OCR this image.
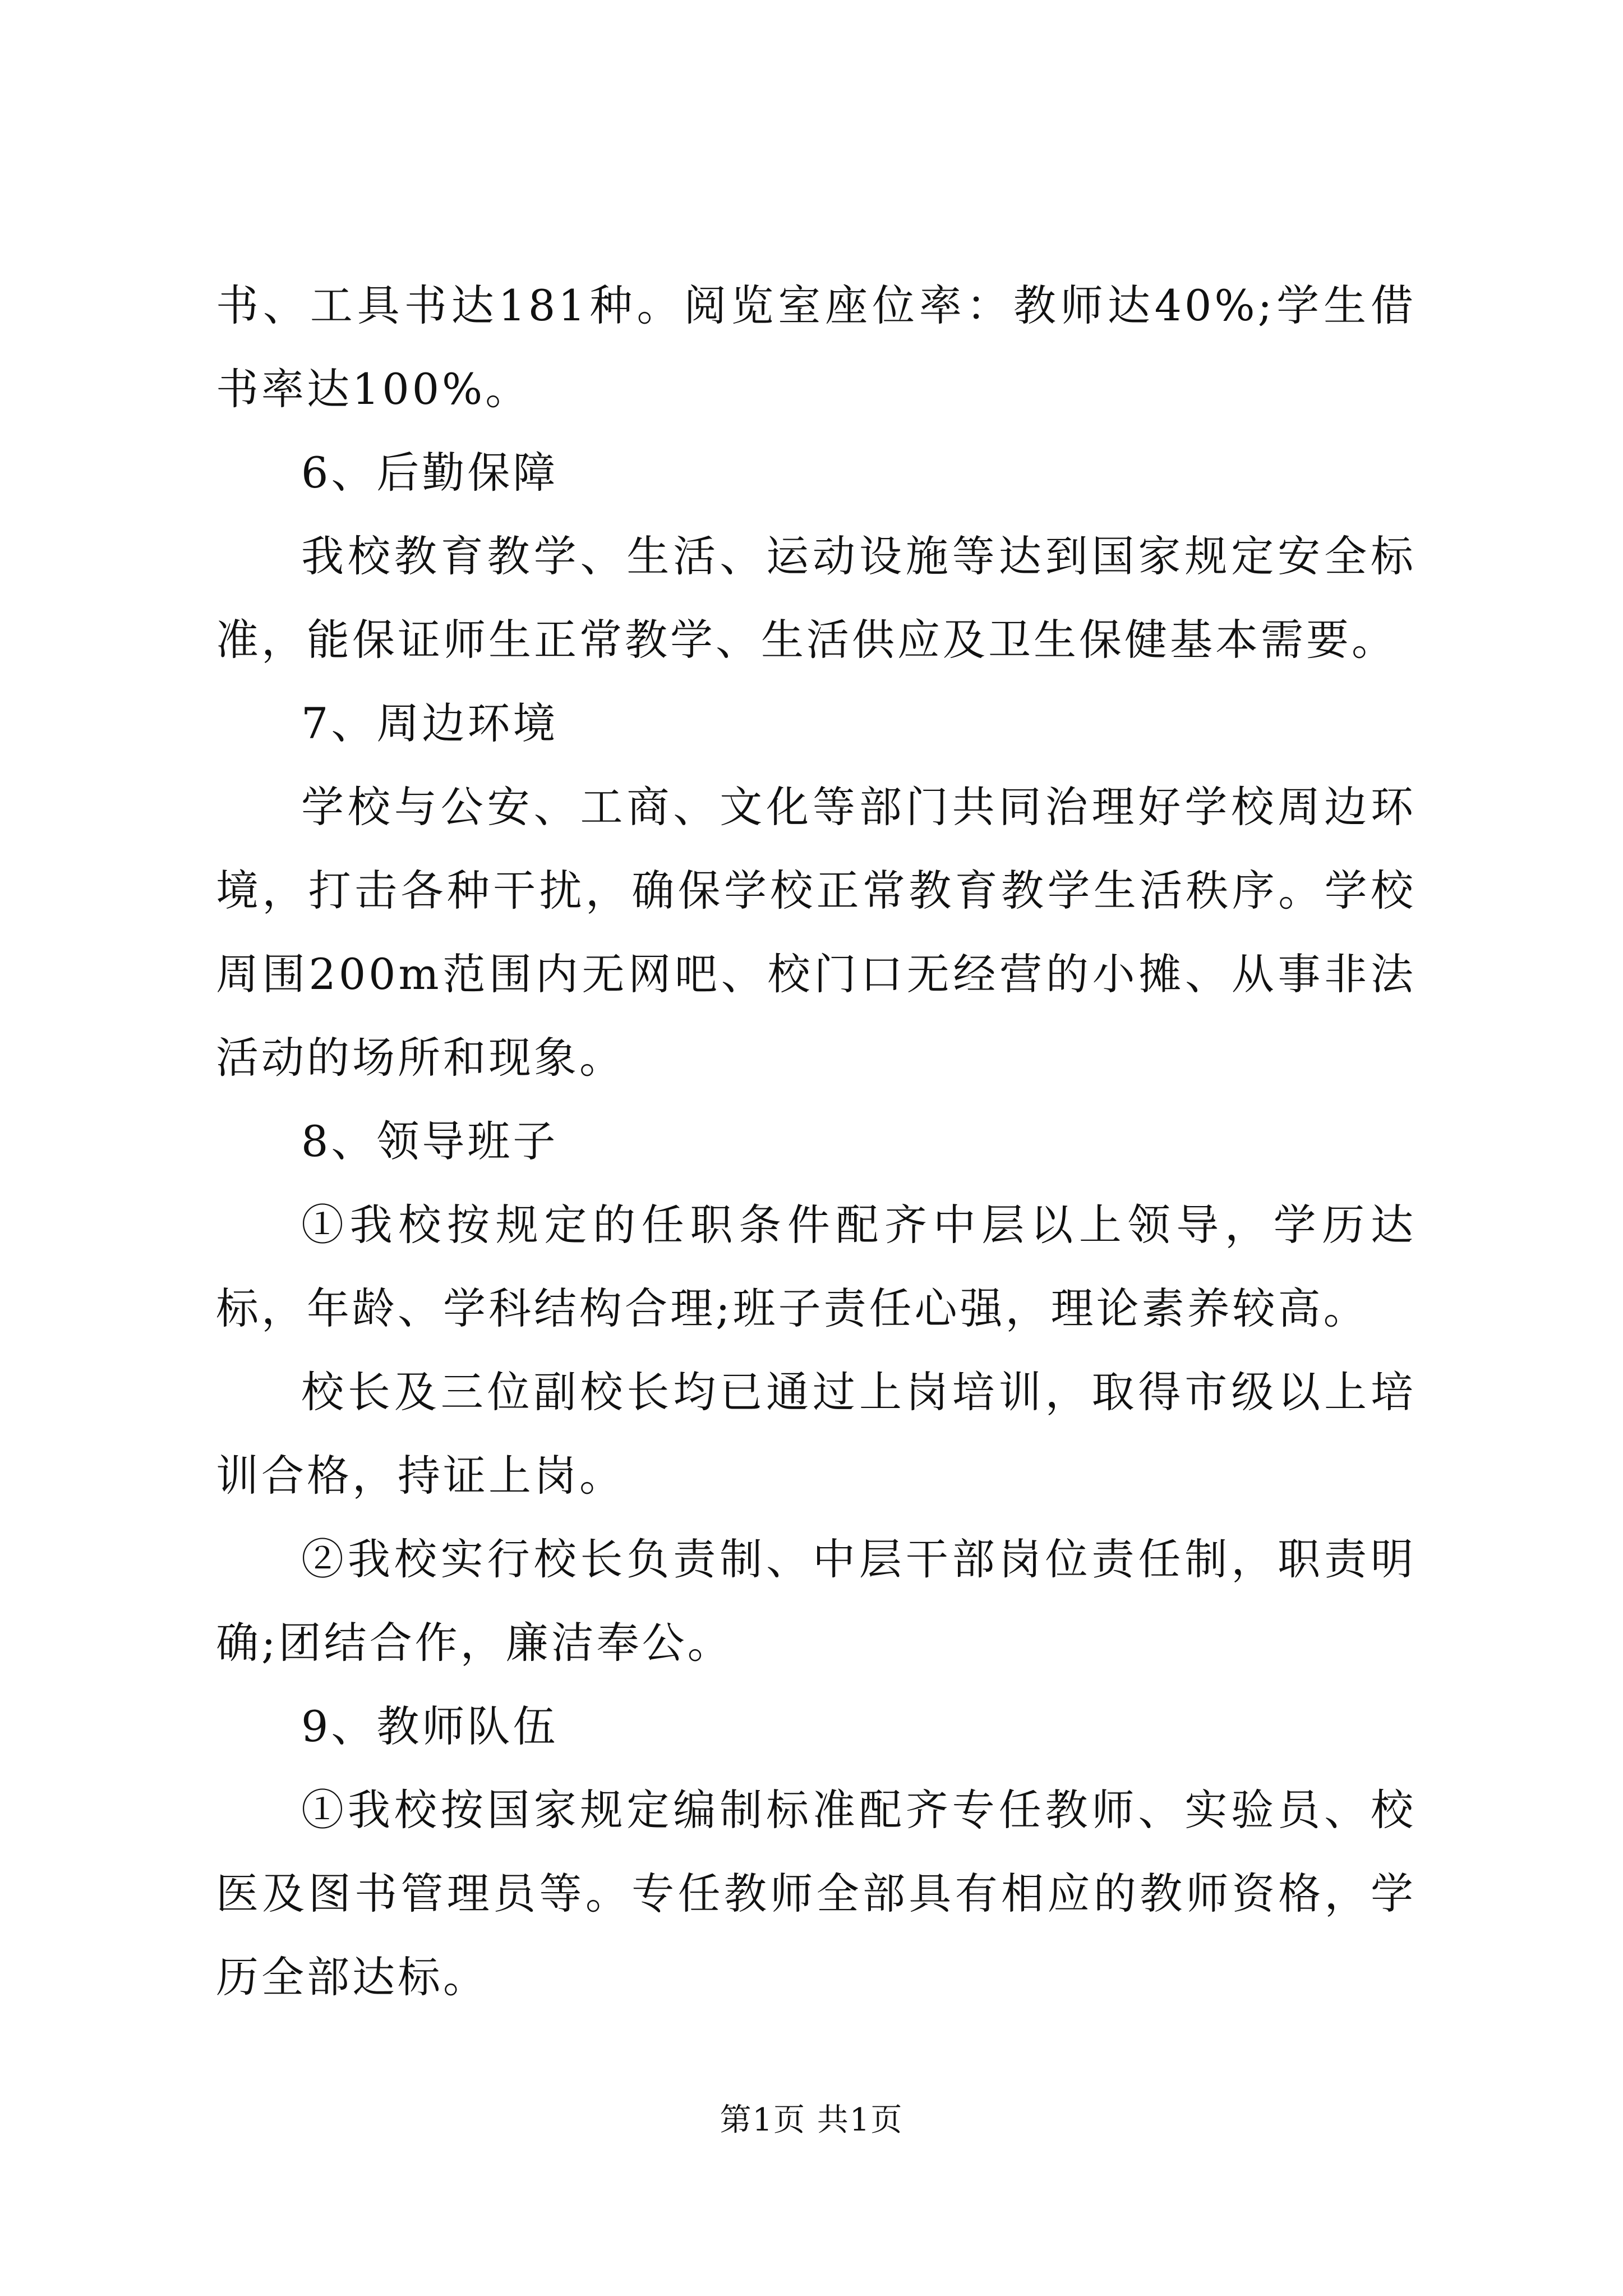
书、工具书达181种。阅览室座位率：教师达40%;学生借书率达100%。

6、后勤保障

我校教育教学、生活、运动设施等达到国家规定安全标准，能保证师生正常教学、生活供应及卫生保健基本需要。

7、周边环境

学校与公安、工商、文化等部门共同治理好学校周边环境，打击各种干扰，确保学校正常教育教学生活秩序。学校周围200m范围内无网吧、校门口无经营的小摊、从事非法活动的场所和现象。

8、领导班子

①我校按规定的任职条件配齐中层以上领导，学历达标，年龄、学科结构合理;班子责任心强，理论素养较高。

校长及三位副校长均已通过上岗培训，取得市级以上培训合格，持证上岗。

②我校实行校长负责制、中层干部岗位责任制，职责明确;团结合作，廉洁奉公。

9、教师队伍

①我校按国家规定编制标准配齐专任教师、实验员、校医及图书管理员等。专任教师全部具有相应的教师资格，学历全部达标。

第1页 共1页
